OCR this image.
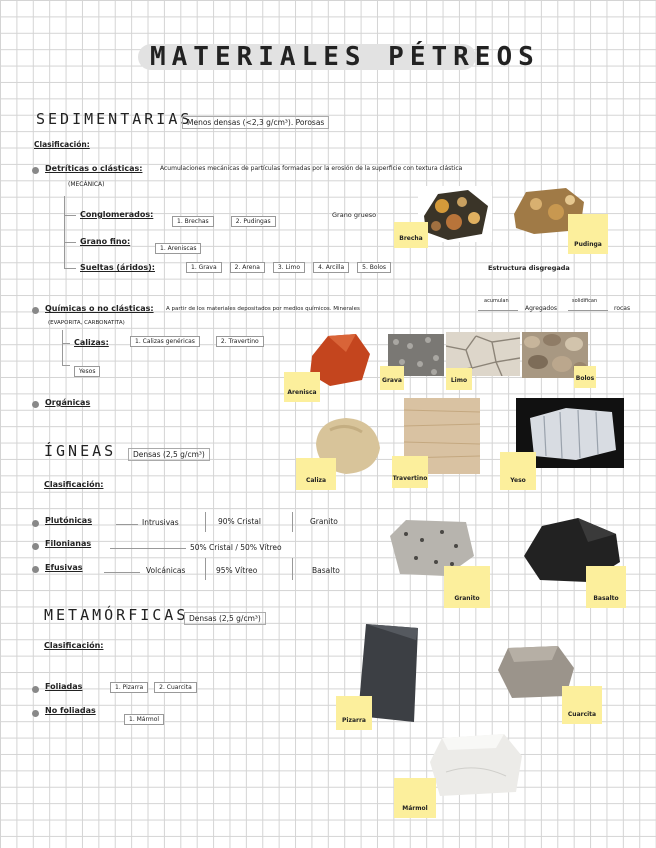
MATERIALES PÉTREOS
SEDIMENTARIAS
Menos densas (<2,3 g/cm³). Porosas
Clasificación:
Detríticas o clásticas:	Acumulaciones mecánicas de partículas formadas por la erosión de la superficie con textura clástica
(MECÁNICA)
Conglomerados:
1. Brechas	2. Pudingas
Grano grueso
Grano fino:
1. Areniscas
Sueltas (áridos):	1. Grava	2. Arena	3. Limo	4. Arcilla	5. Bolos	Estructura disgregada
Químicas o no clásticas: A partir de los materiales depositados por medios químicos. Minerales
acumulan
Agregados
solidifican
rocas
(EVAPORITA, CARBONATITA)
Calizas:	1. Calizas genéricas	2. Travertino
Yesos
Orgánicas
ÍGNEAS	Densas (2,5 g/cm³)
Clasificación:
Plutónicas	Intrusivas	90% Cristal	Granito
Filonianas	50% Cristal / 50% Vítreo
Efusivas	Volcánicas	95% Vítreo	Basalto
METAMÓRFICAS Densas (2,5 g/cm³)
Clasificación:
Foliadas	1. Pizarra	2. Cuarcita
No foliadas
1. Mármol
Brecha
Pudinga
Arenisca
Grava	Limo	Bolos
Caliza	Travertino	Yeso
Granito	Basalto
Pizarra
Cuarcita
Mármol
